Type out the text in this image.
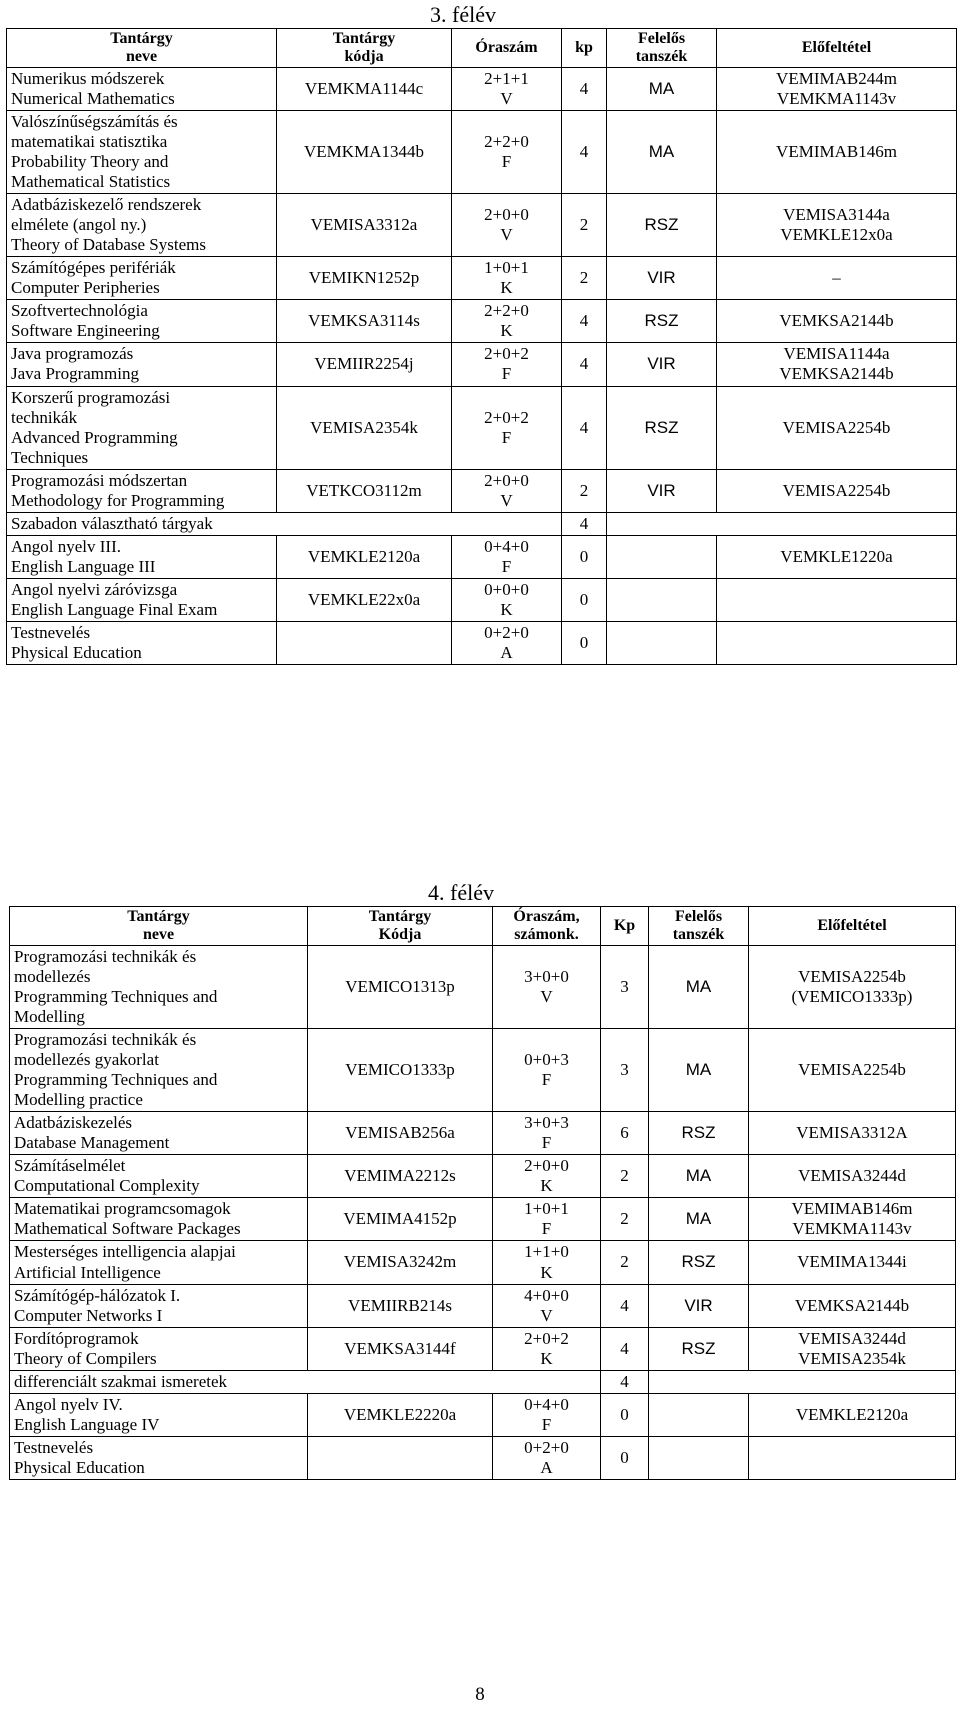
3. félév
Tantárgy
neve	Tantárgy
kódja	Óraszám	kp	Felelős
tanszék	Előfeltétel

Numerikus módszerek
Numerical Mathematics	VEMKMA1144c	2+1+1
V	4	MA	VEMIMAB244m
VEMKMA1143v

Valószínűségszámítás és
matematikai statisztika
Probability Theory and
Mathematical Statistics	VEMKMA1344b	2+2+0
F	4	MA	VEMIMAB146m

Adatbáziskezelő rendszerek
elmélete (angol ny.)
Theory of Database Systems	VEMISA3312a	2+0+0
V	2	RSZ	VEMISA3144a
VEMKLE12x0a

Számítógépes perifériák
Computer Peripheries	VEMIKN1252p	1+0+1
K	2	VIR	–

Szoftvertechnológia
Software Engineering	VEMKSA3114s	2+2+0
K	4	RSZ	VEMKSA2144b

Java programozás
Java Programming	VEMIIR2254j	2+0+2
F	4	VIR	VEMISA1144a
VEMKSA2144b

Korszerű programozási
technikák
Advanced Programming
Techniques	VEMISA2354k	2+0+2
F	4	RSZ	VEMISA2254b

Programozási módszertan
Methodology for Programming	VETKCO3112m	2+0+0
V	2	VIR	VEMISA2254b

Szabadon választható tárgyak			4		

Angol nyelv III.
English Language III	VEMKLE2120a	0+4+0
F	0		VEMKLE1220a

Angol nyelvi záróvizsga
English Language Final Exam	VEMKLE22x0a	0+0+0
K	0		

Testnevelés
Physical Education		0+2+0
A	0		
4. félév
Tantárgy
neve	Tantárgy
Kódja	Óraszám,
számonk.	Kp	Felelős
tanszék	Előfeltétel

Programozási technikák és
modellezés
Programming Techniques and
Modelling	VEMICO1313p	3+0+0
V	3	MA	VEMISA2254b
(VEMICO1333p)

Programozási technikák és
modellezés gyakorlat
Programming Techniques and
Modelling practice	VEMICO1333p	0+0+3
F	3	MA	VEMISA2254b

Adatbáziskezelés
Database Management	VEMISAB256a	3+0+3
F	6	RSZ	VEMISA3312A

Számításelmélet
Computational Complexity	VEMIMA2212s	2+0+0
K	2	MA	VEMISA3244d

Matematikai programcsomagok
Mathematical Software Packages	VEMIMA4152p	1+0+1
F	2	MA	VEMIMAB146m
VEMKMA1143v

Mesterséges intelligencia alapjai
Artificial Intelligence	VEMISA3242m	1+1+0
K	2	RSZ	VEMIMA1344i

Számítógép-hálózatok I.
Computer Networks I	VEMIIRB214s	4+0+0
V	4	VIR	VEMKSA2144b

Fordítóprogramok
Theory of Compilers	VEMKSA3144f	2+0+2
K	4	RSZ	VEMISA3244d
VEMISA2354k

differenciált szakmai ismeretek			4		

Angol nyelv IV.
English Language IV	VEMKLE2220a	0+4+0
F	0		VEMKLE2120a

Testnevelés
Physical Education		0+2+0
A	0		
8
